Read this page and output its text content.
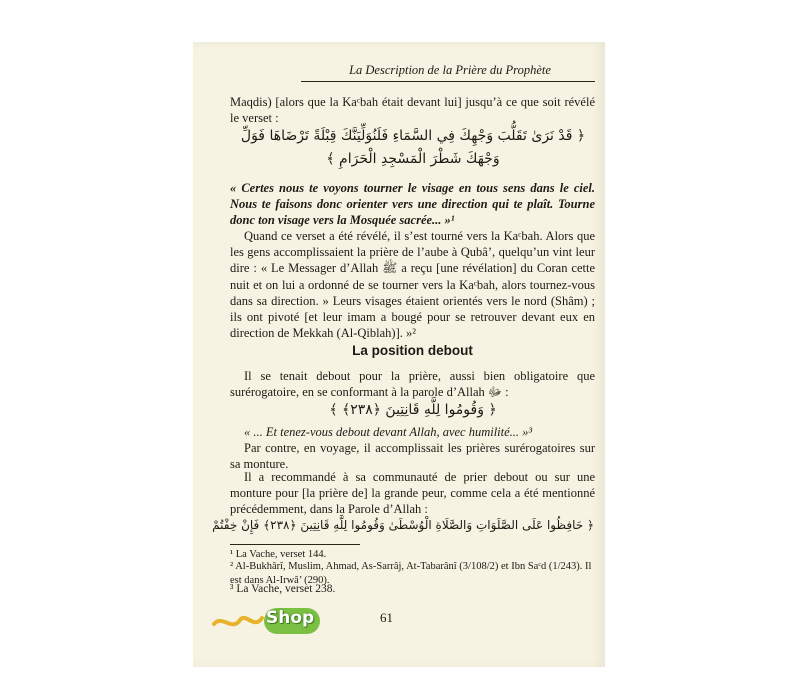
La Description de la Prière du Prophète
Maqdis) [alors que la Kaᶜbah était devant lui] jusqu’à ce que soit révélé le verset :
﴿ قَدْ نَرَىٰ تَقَلُّبَ وَجْهِكَ فِي السَّمَاءِ فَلَنُوَلِّيَنَّكَ قِبْلَةً تَرْضَاهَا فَوَلِّ
وَجْهَكَ شَطْرَ الْمَسْجِدِ الْحَرَامِ ﴾
« Certes nous te voyons tourner le visage en tous sens dans le ciel. Nous te faisons donc orienter vers une direction qui te plaît. Tourne donc ton visage vers la Mosquée sacrée... »¹
Quand ce verset a été révélé, il s’est tourné vers la Kaᶜbah. Alors que les gens accomplissaient la prière de l’aube à Qubâ’, quelqu’un vint leur dire : « Le Messager d’Allah ﷺ a reçu [une révélation] du Coran cette nuit et on lui a ordonné de se tourner vers la Kaᶜbah, alors tournez-vous dans sa direction. » Leurs visages étaient orientés vers le nord (Shâm) ; ils ont pivoté [et leur imam a bougé pour se retrouver devant eux en direction de Mekkah (Al-Qiblah)]. »²
La position debout
Il se tenait debout pour la prière, aussi bien obligatoire que surérogatoire, en se conformant à la parole d’Allah ﷻ :
﴿ وَقُومُوا لِلَّهِ قَانِتِينَ ﴿٢٣٨﴾ ﴾
« ... Et tenez-vous debout devant Allah, avec humilité... »³
Par contre, en voyage, il accomplissait les prières surérogatoires sur sa monture.
Il a recommandé à sa communauté de prier debout ou sur une monture pour [la prière de] la grande peur, comme cela a été mentionné précédemment, dans la Parole d’Allah :
﴿ حَافِظُوا عَلَى الصَّلَوَاتِ وَالصَّلَاةِ الْوُسْطَىٰ وَقُومُوا لِلَّهِ قَانِتِينَ ﴿٢٣٨﴾ فَإِنْ خِفْتُمْ
¹ La Vache, verset 144.
² Al-Bukhârî, Muslim, Ahmad, As-Sarrâj, At-Tabarânî (3/108/2) et Ibn Saᶜd (1/243). Il est dans Al-Irwâ’ (290).
³ La Vache, verset 238.
Shop	61
